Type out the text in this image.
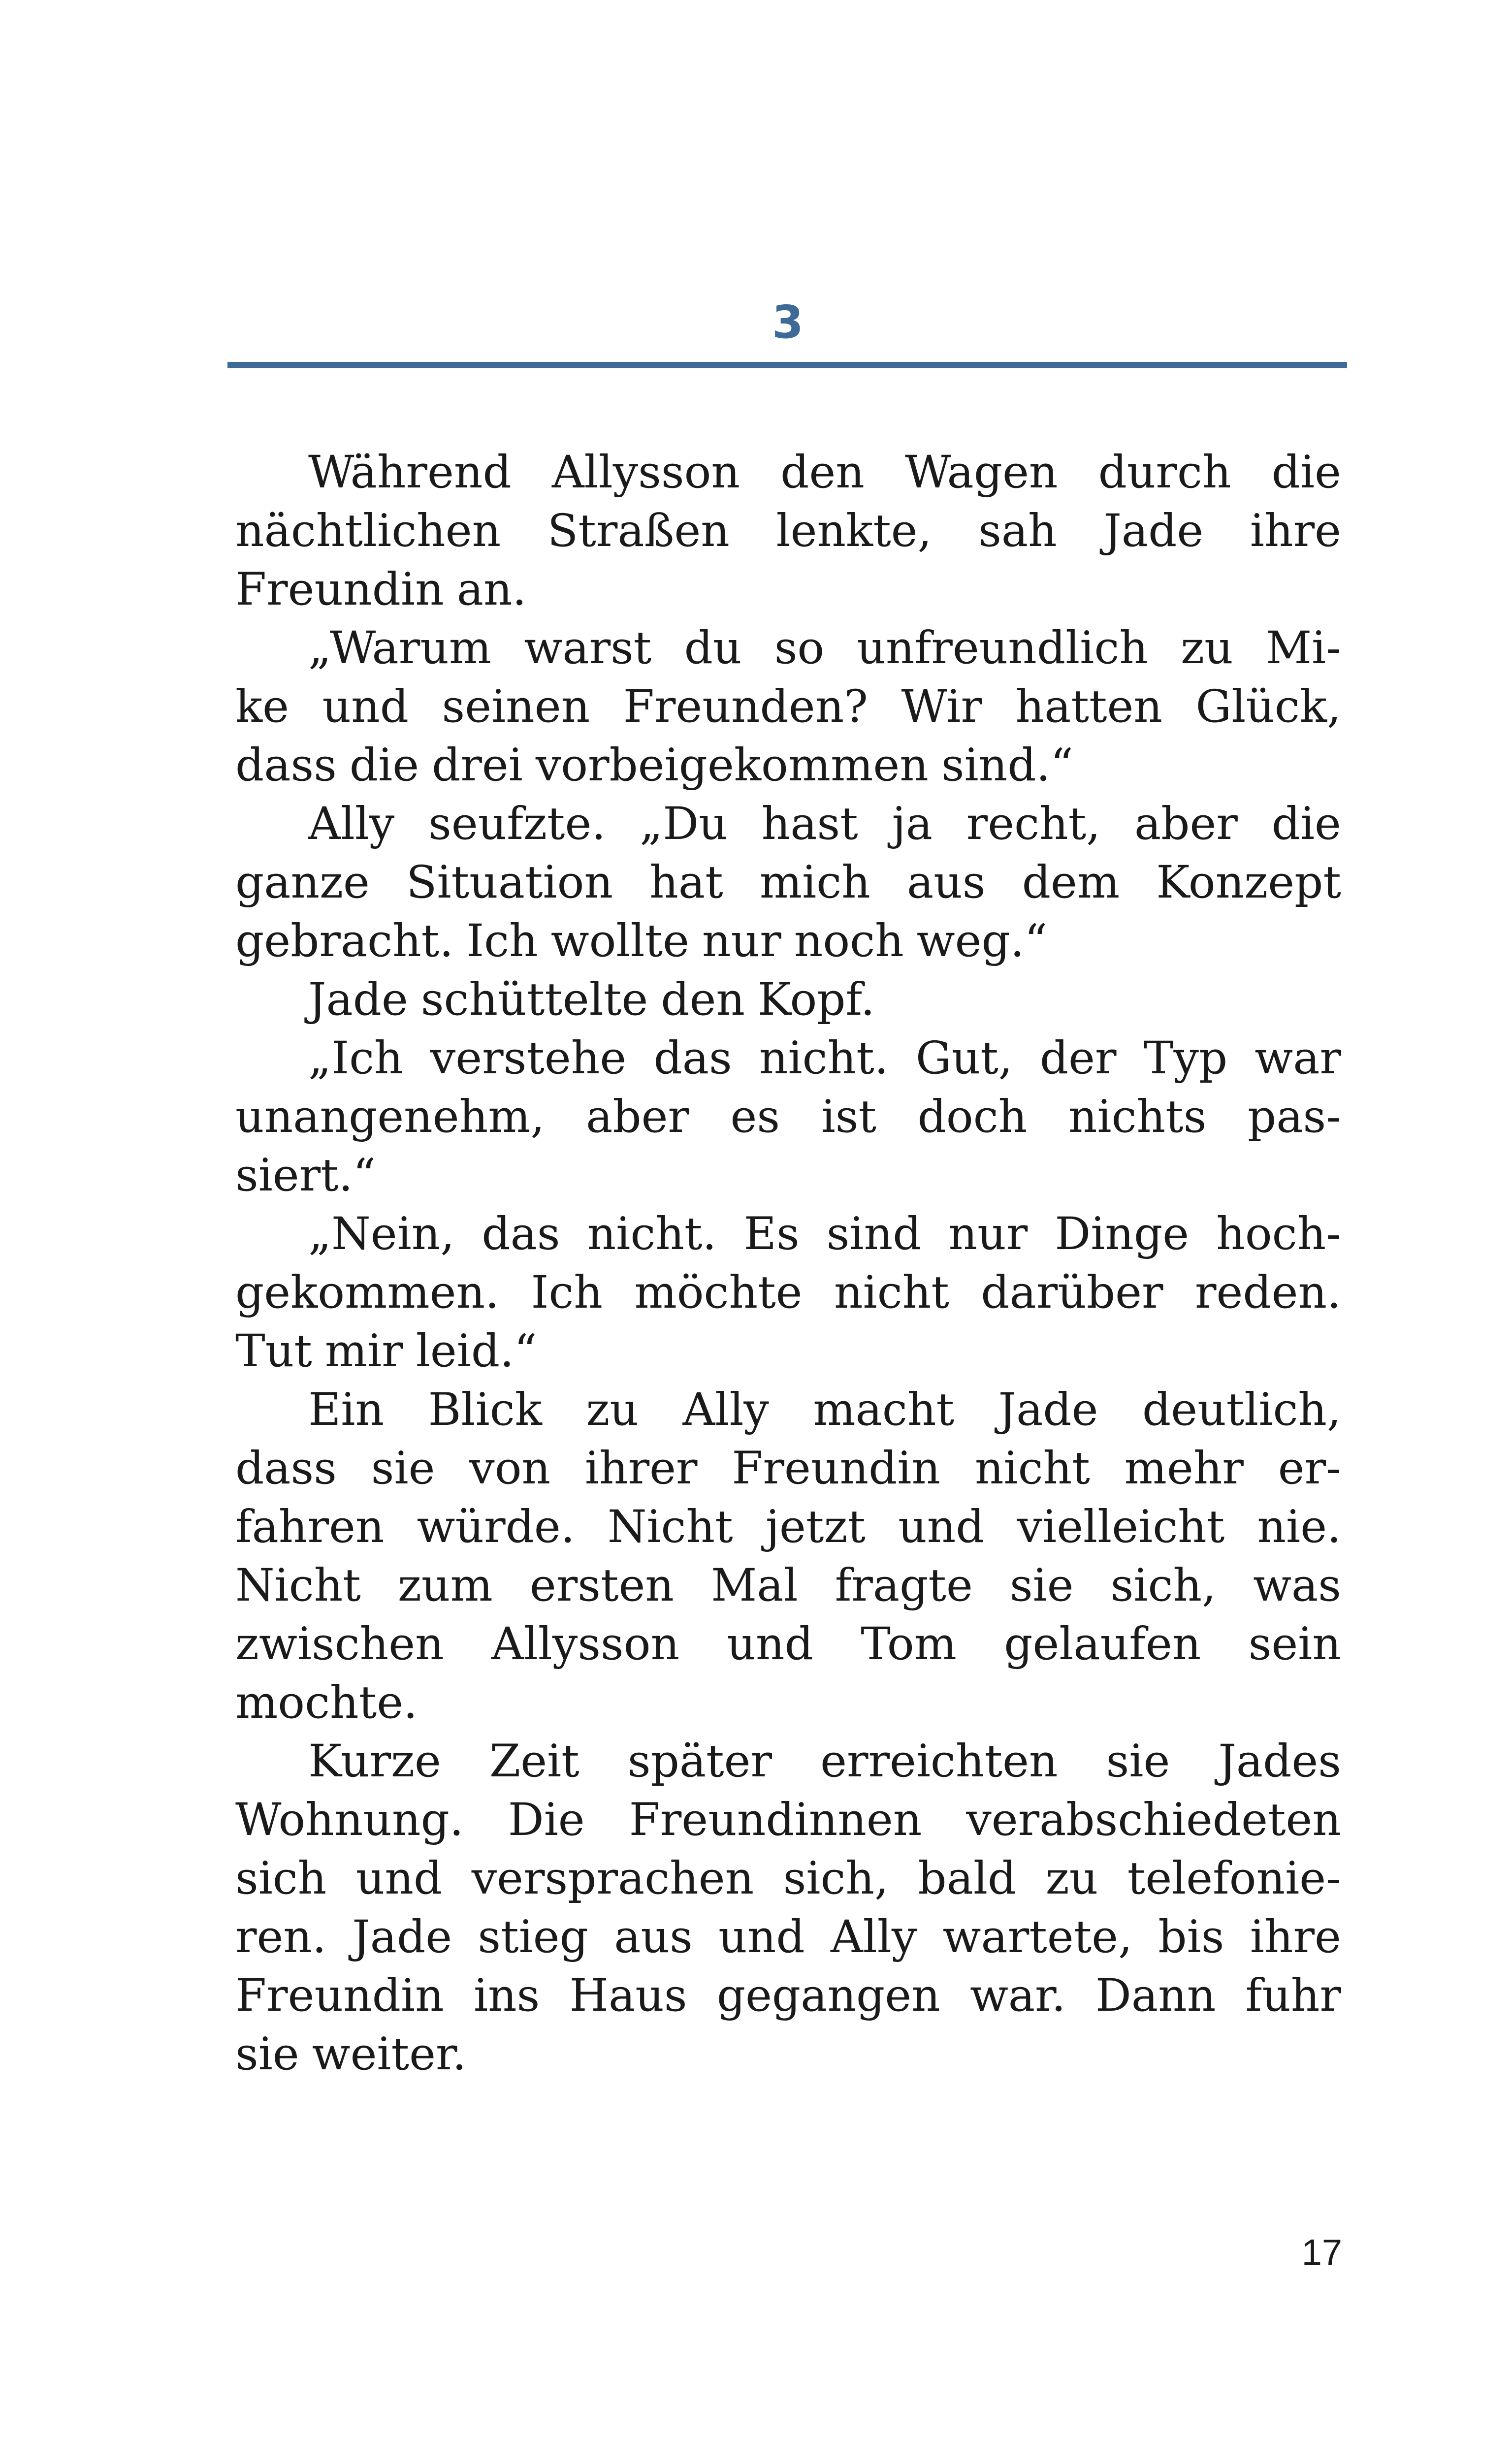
3
Während Allysson den Wagen durch die
nächtlichen Straßen lenkte, sah Jade ihre
Freundin an.
„Warum warst du so unfreundlich zu Mi-
ke und seinen Freunden? Wir hatten Glück,
dass die drei vorbeigekommen sind.“
Ally seufzte. „Du hast ja recht, aber die
ganze Situation hat mich aus dem Konzept
gebracht. Ich wollte nur noch weg.“
Jade schüttelte den Kopf.
„Ich verstehe das nicht. Gut, der Typ war
unangenehm, aber es ist doch nichts pas-
siert.“
„Nein, das nicht. Es sind nur Dinge hoch-
gekommen. Ich möchte nicht darüber reden.
Tut mir leid.“
Ein Blick zu Ally macht Jade deutlich,
dass sie von ihrer Freundin nicht mehr er-
fahren würde. Nicht jetzt und vielleicht nie.
Nicht zum ersten Mal fragte sie sich, was
zwischen Allysson und Tom gelaufen sein
mochte.
Kurze Zeit später erreichten sie Jades
Wohnung. Die Freundinnen verabschiedeten
sich und versprachen sich, bald zu telefonie-
ren. Jade stieg aus und Ally wartete, bis ihre
Freundin ins Haus gegangen war. Dann fuhr
sie weiter.
17
